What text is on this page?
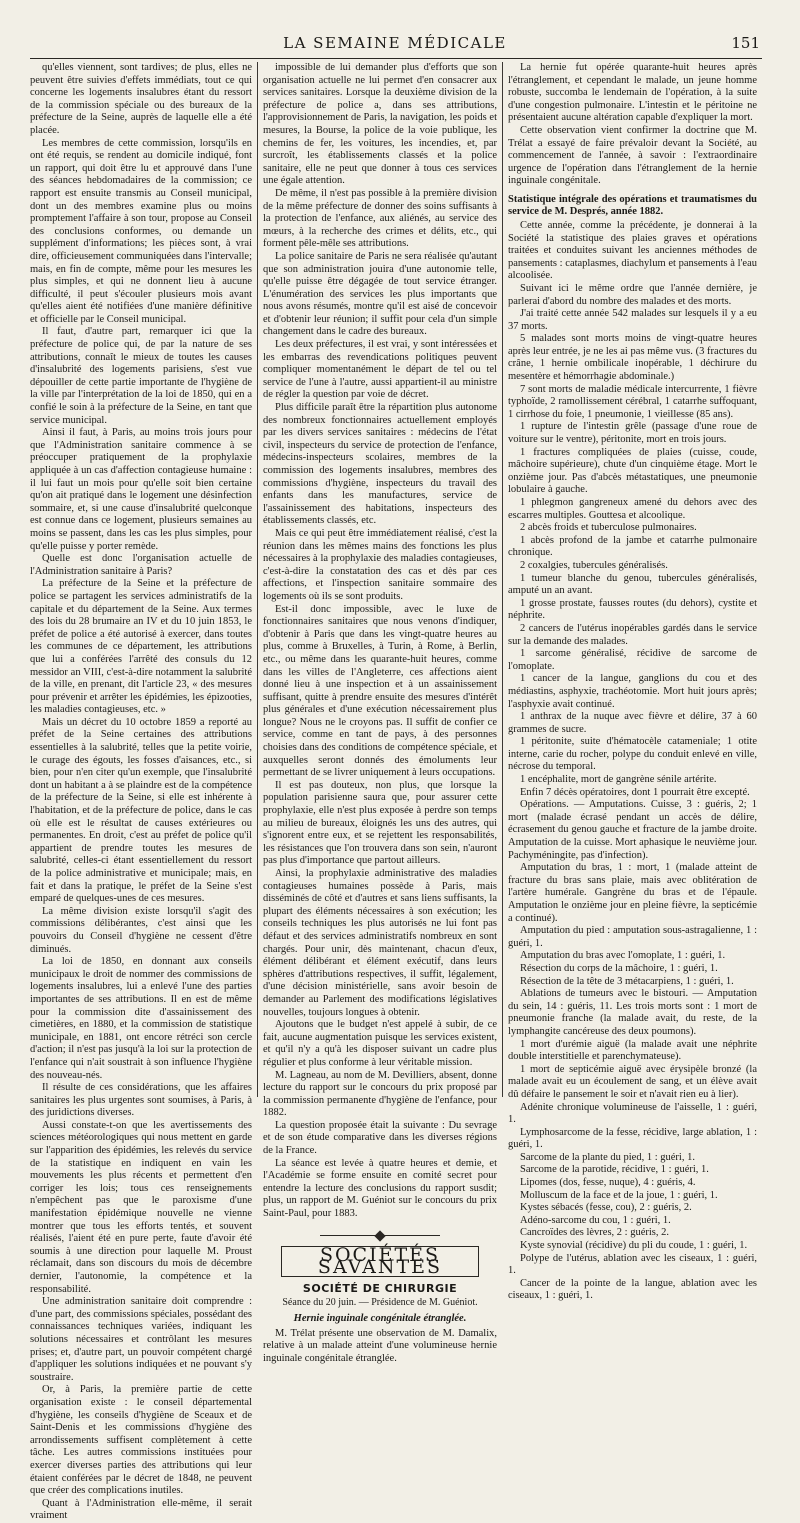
LA SEMAINE MÉDICALE	151

qu'elles viennent, sont tardives; de plus, elles ne peuvent être suivies d'effets immédiats, tout ce qui concerne les logements insalubres étant du ressort de la commission spéciale ou des bureaux de la préfecture de la Seine, auprès de laquelle elle a été placée.

Les membres de cette commission, lorsqu'ils en ont été requis, se rendent au domicile indiqué, font un rapport, qui doit être lu et approuvé dans l'une des séances hebdomadaires de la commission; ce rapport est ensuite transmis au Conseil municipal, dont un des membres examine plus ou moins promptement l'affaire à son tour, propose au Conseil des conclusions conformes, ou demande un supplément d'informations; les pièces sont, à vrai dire, officieusement communiquées dans l'intervalle; mais, en fin de compte, même pour les mesures les plus simples, et qui ne donnent lieu à aucune difficulté, il peut s'écouler plusieurs mois avant qu'elles aient été notifiées d'une manière définitive et officielle par le Conseil municipal.

Il faut, d'autre part, remarquer ici que la préfecture de police qui, de par la nature de ses attributions, connaît le mieux de toutes les causes d'insalubrité des logements parisiens, s'est vue dépouiller de cette partie importante de l'hygiène de la ville par l'interprétation de la loi de 1850, qui en a confié le soin à la préfecture de la Seine, en tant que service municipal.

Ainsi il faut, à Paris, au moins trois jours pour que l'Administration sanitaire commence à se préoccuper pratiquement de la prophylaxie appliquée à un cas d'affection contagieuse humaine : il lui faut un mois pour qu'elle soit bien certaine qu'on ait pratiqué dans le logement une désinfection sommaire, et, si une cause d'insalubrité quelconque est connue dans ce logement, plusieurs semaines au moins se passent, dans les cas les plus simples, pour qu'elle puisse y porter remède.

Quelle est donc l'organisation actuelle de l'Administration sanitaire à Paris?

La préfecture de la Seine et la préfecture de police se partagent les services administratifs de la capitale et du département de la Seine. Aux termes des lois du 28 brumaire an IV et du 10 juin 1853, le préfet de police a été autorisé à exercer, dans toutes les communes de ce département, les attributions que lui a conférées l'arrêté des consuls du 12 messidor an VIII, c'est-à-dire notamment la salubrité de la ville, en prenant, dit l'article 23, « des mesures pour prévenir et arrêter les épidémies, les épizooties, les maladies contagieuses, etc. »

Mais un décret du 10 octobre 1859 a reporté au préfet de la Seine certaines des attributions essentielles à la salubrité, telles que la petite voirie, le curage des égouts, les fosses d'aisances, etc., si bien, pour n'en citer qu'un exemple, que l'insalubrité dont un habitant a à se plaindre est de la compétence de la préfecture de la Seine, si elle est inhérente à l'habitation, et de la préfecture de police, dans le cas où elle est le résultat de causes extérieures ou permanentes. En droit, c'est au préfet de police qu'il appartient de prendre toutes les mesures de salubrité, celles-ci étant essentiellement du ressort de la police administrative et municipale; mais, en fait et dans la pratique, le préfet de la Seine s'est emparé de quelques-unes de ces mesures.

La même division existe lorsqu'il s'agit des commissions délibérantes, c'est ainsi que les pouvoirs du Conseil d'hygiène ne cessent d'être diminués.

La loi de 1850, en donnant aux conseils municipaux le droit de nommer des commissions de logements insalubres, lui a enlevé l'une des parties importantes de ses attributions. Il en est de même pour la commission dite d'assainissement des cimetières, en 1880, et la commission de statistique municipale, en 1881, ont encore rétréci son cercle d'action; il n'est pas jusqu'à la loi sur la protection de l'enfance qui n'ait soustrait à son influence l'hygiène des nouveau-nés.

Il résulte de ces considérations, que les affaires sanitaires les plus urgentes sont soumises, à Paris, à des juridictions diverses.

Aussi constate-t-on que les avertissements des sciences météorologiques qui nous mettent en garde sur l'apparition des épidémies, les relevés du service de la statistique en indiquent en vain les mouvements les plus récents et permettent d'en corriger les lois; tous ces renseignements n'empêchent pas que le paroxisme d'une manifestation épidémique nouvelle ne vienne montrer que tous les efforts tentés, et souvent réalisés, l'aient été en pure perte, faute d'avoir été soumis à une direction pour laquelle M. Proust réclamait, dans son discours du mois de décembre dernier, l'autonomie, la compétence et la responsabilité.

Une administration sanitaire doit comprendre : d'une part, des commissions spéciales, possédant des connaissances techniques variées, indiquant les solutions nécessaires et contrôlant les mesures prises; et, d'autre part, un pouvoir compétent chargé d'appliquer les solutions indiquées et ne pouvant s'y soustraire.

Or, à Paris, la première partie de cette organisation existe : le conseil départemental d'hygiène, les conseils d'hygiène de Sceaux et de Saint-Denis et les commissions d'hygiène des arrondissements suffisent complètement à cette tâche. Les autres commissions instituées pour exercer diverses parties des attributions qui leur étaient conférées par le décret de 1848, ne peuvent que créer des complications inutiles.

Quant à l'Administration elle-même, il serait vraiment

impossible de lui demander plus d'efforts que son organisation actuelle ne lui permet d'en consacrer aux services sanitaires. Lorsque la deuxième division de la préfecture de police a, dans ses attributions, l'approvisionnement de Paris, la navigation, les poids et mesures, la Bourse, la police de la voie publique, les chemins de fer, les voitures, les incendies, et, par surcroît, les établissements classés et la police sanitaire, elle ne peut que donner à tous ces services une égale attention.

De même, il n'est pas possible à la première division de la même préfecture de donner des soins suffisants à la protection de l'enfance, aux aliénés, au service des mœurs, à la recherche des crimes et délits, etc., qui forment pêle-mêle ses attributions.

La police sanitaire de Paris ne sera réalisée qu'autant que son administration jouira d'une autonomie telle, qu'elle puisse être dégagée de tout service étranger. L'énumération des services les plus importants que nous avons résumés, montre qu'il est aisé de concevoir et d'obtenir leur réunion; il suffit pour cela d'un simple changement dans le cadre des bureaux.

Les deux préfectures, il est vrai, y sont intéressées et les embarras des revendications politiques peuvent compliquer momentanément le départ de tel ou tel service de l'une à l'autre, aussi appartient-il au ministre de régler la question par voie de décret.

Plus difficile paraît être la répartition plus autonome des nombreux fonctionnaires actuellement employés par les divers services sanitaires : médecins de l'état civil, inspecteurs du service de protection de l'enfance, médecins-inspecteurs scolaires, membres de la commission des logements insalubres, membres des commissions d'hygiène, inspecteurs du travail des enfants dans les manufactures, service de l'assainissement des habitations, inspecteurs des établissements classés, etc.

Mais ce qui peut être immédiatement réalisé, c'est la réunion dans les mêmes mains des fonctions les plus nécessaires à la prophylaxie des maladies contagieuses, c'est-à-dire la constatation des cas et dès par ces affections, et l'inspection sanitaire sommaire des logements où ils se sont produits.

Est-il donc impossible, avec le luxe de fonctionnaires sanitaires que nous venons d'indiquer, d'obtenir à Paris que dans les vingt-quatre heures au plus, comme à Bruxelles, à Turin, à Rome, à Berlin, etc., ou même dans les quarante-huit heures, comme dans les villes de l'Angleterre, ces affections aient donné lieu à une inspection et à un assainissement suffisant, quitte à prendre ensuite des mesures d'intérêt plus générales et d'une exécution nécessairement plus longue? Nous ne le croyons pas. Il suffit de confier ce service, comme en tant de pays, à des personnes choisies dans des conditions de compétence spéciale, et auxquelles seront donnés des émoluments leur permettant de se livrer uniquement à leurs occupations.

Il est pas douteux, non plus, que lorsque la population parisienne saura que, pour assurer cette prophylaxie, elle n'est plus exposée à perdre son temps au milieu de bureaux, éloignés les uns des autres, qui s'ignorent entre eux, et se rejettent les responsabilités, les résistances que l'on trouvera dans son sein, n'auront pas plus d'importance que partout ailleurs.

Ainsi, la prophylaxie administrative des maladies contagieuses humaines possède à Paris, mais disséminés de côté et d'autres et sans liens suffisants, la plupart des éléments nécessaires à son exécution; les conseils techniques les plus autorisés ne lui font pas défaut et des services administratifs nombreux en sont chargés. Pour unir, dès maintenant, chacun d'eux, élément délibérant et élément exécutif, dans leurs sphères d'attributions respectives, il suffit, légalement, d'une décision ministérielle, sans avoir besoin de demander au Parlement des modifications législatives nouvelles, toujours longues à obtenir.

Ajoutons que le budget n'est appelé à subir, de ce fait, aucune augmentation puisque les services existent, et qu'il n'y a qu'à les disposer suivant un cadre plus régulier et plus conforme à leur véritable mission.

M. Lagneau, au nom de M. Devilliers, absent, donne lecture du rapport sur le concours du prix proposé par la commission permanente d'hygiène de l'enfance, pour 1882.

La question proposée était la suivante : Du sevrage et de son étude comparative dans les diverses régions de la France.

La séance est levée à quatre heures et demie, et l'Académie se forme ensuite en comité secret pour entendre la lecture des conclusions du rapport susdit; plus, un rapport de M. Guéniot sur le concours du prix Saint-Paul, pour 1883.

SOCIÉTÉS SAVANTES
SOCIÉTÉ DE CHIRURGIE
Séance du 20 juin. — Présidence de M. Guéniot.
Hernie inguinale congénitale étranglée.

M. Trélat présente une observation de M. Damalix, relative à un malade atteint d'une volumineuse hernie inguinale congénitale étranglée.

La hernie fut opérée quarante-huit heures après l'étranglement, et cependant le malade, un jeune homme robuste, succomba le lendemain de l'opération, à la suite d'une congestion pulmonaire. L'intestin et le péritoine ne présentaient aucune altération capable d'expliquer la mort.

Cette observation vient confirmer la doctrine que M. Trélat a essayé de faire prévaloir devant la Société, au commencement de l'année, à savoir : l'extraordinaire urgence de l'opération dans l'étranglement de la hernie inguinale congénitale.

Statistique intégrale des opérations et traumatismes du service de M. Després, année 1882.

Cette année, comme la précédente, je donnerai à la Société la statistique des plaies graves et opérations traitées et conduites suivant les anciennes méthodes de pansements : cataplasmes, diachylum et pansements à l'eau alcoolisée.

Suivant ici le même ordre que l'année dernière, je parlerai d'abord du nombre des malades et des morts.

J'ai traité cette année 542 malades sur lesquels il y a eu 37 morts.

5 malades sont morts moins de vingt-quatre heures après leur entrée, je ne les ai pas même vus. (3 fractures du crâne, 1 hernie ombilicale inopérable, 1 déchirure du mesentère et hémorrhagie abdominale.)

7 sont morts de maladie médicale intercurrente, 1 fièvre typhoïde, 2 ramollissement cérébral, 1 catarrhe suffoquant, 1 cirrhose du foie, 1 pneumonie, 1 vieillesse (85 ans).

1 rupture de l'intestin grêle (passage d'une roue de voiture sur le ventre), péritonite, mort en trois jours.

1 fractures compliquées de plaies (cuisse, coude, mâchoire supérieure), chute d'un cinquième étage. Mort le onzième jour. Pas d'abcès métastatiques, une pneumonie lobulaire à gauche.

1 phlegmon gangreneux amené du dehors avec des escarres multiples. Gouttesa et alcoolique.

2 abcès froids et tuberculose pulmonaires.

1 abcès profond de la jambe et catarrhe pulmonaire chronique.

2 coxalgies, tubercules généralisés.

1 tumeur blanche du genou, tubercules généralisés, amputé un an avant.

1 grosse prostate, fausses routes (du dehors), cystite et néphrite.

2 cancers de l'utérus inopérables gardés dans le service sur la demande des malades.

1 sarcome généralisé, récidive de sarcome de l'omoplate.

1 cancer de la langue, ganglions du cou et des médiastins, asphyxie, trachéotomie. Mort huit jours après; l'asphyxie avait continué.

1 anthrax de la nuque avec fièvre et délire, 37 à 60 grammes de sucre.

1 péritonite, suite d'hématocèle catameniale; 1 otite interne, carie du rocher, polype du conduit enlevé en ville, nécrose du temporal.

1 encéphalite, mort de gangrène sénile artérite.

Enfin 7 décès opératoires, dont 1 pourrait être excepté.

Opérations. — Amputations. Cuisse, 3 : guéris, 2; 1 mort (malade écrasé pendant un accès de délire, écrasement du genou gauche et fracture de la jambe droite. Amputation de la cuisse. Mort aphasique le neuvième jour. Pachyméningite, pas d'infection).

Amputation du bras, 1 : mort, 1 (malade atteint de fracture du bras sans plaie, mais avec oblitération de l'artère humérale. Gangrène du bras et de l'épaule. Amputation le onzième jour en pleine fièvre, la septicémie a continué).

Amputation du pied : amputation sous-astragalienne, 1 : guéri, 1.

Amputation du bras avec l'omoplate, 1 : guéri, 1.

Résection du corps de la mâchoire, 1 : guéri, 1.

Résection de la tête de 3 métacarpiens, 1 : guéri, 1.

Ablations de tumeurs avec le bistouri. — Amputation du sein, 14 : guéris, 11. Les trois morts sont : 1 mort de pneumonie franche (la malade avait, du reste, de la lymphangite cancéreuse des deux poumons).

1 mort d'urémie aiguë (la malade avait une néphrite double interstitielle et parenchymateuse).

1 mort de septicémie aiguë avec érysipèle bronzé (la malade avait eu un écoulement de sang, et un élève avait dû défaire le pansement le soir et n'avait rien eu à lier).

Adénite chronique volumineuse de l'aisselle, 1 : guéri, 1.

Lymphosarcome de la fesse, récidive, large ablation, 1 : guéri, 1.

Sarcome de la plante du pied, 1 : guéri, 1.

Sarcome de la parotide, récidive, 1 : guéri, 1.

Lipomes (dos, fesse, nuque), 4 : guéris, 4.

Molluscum de la face et de la joue, 1 : guéri, 1.

Kystes sébacés (fesse, cou), 2 : guéris, 2.

Adéno-sarcome du cou, 1 : guéri, 1.

Cancroïdes des lèvres, 2 : guéris, 2.

Kyste synovial (récidive) du pli du coude, 1 : guéri, 1.

Polype de l'utérus, ablation avec les ciseaux, 1 : guéri, 1.

Cancer de la pointe de la langue, ablation avec les ciseaux, 1 : guéri, 1.
